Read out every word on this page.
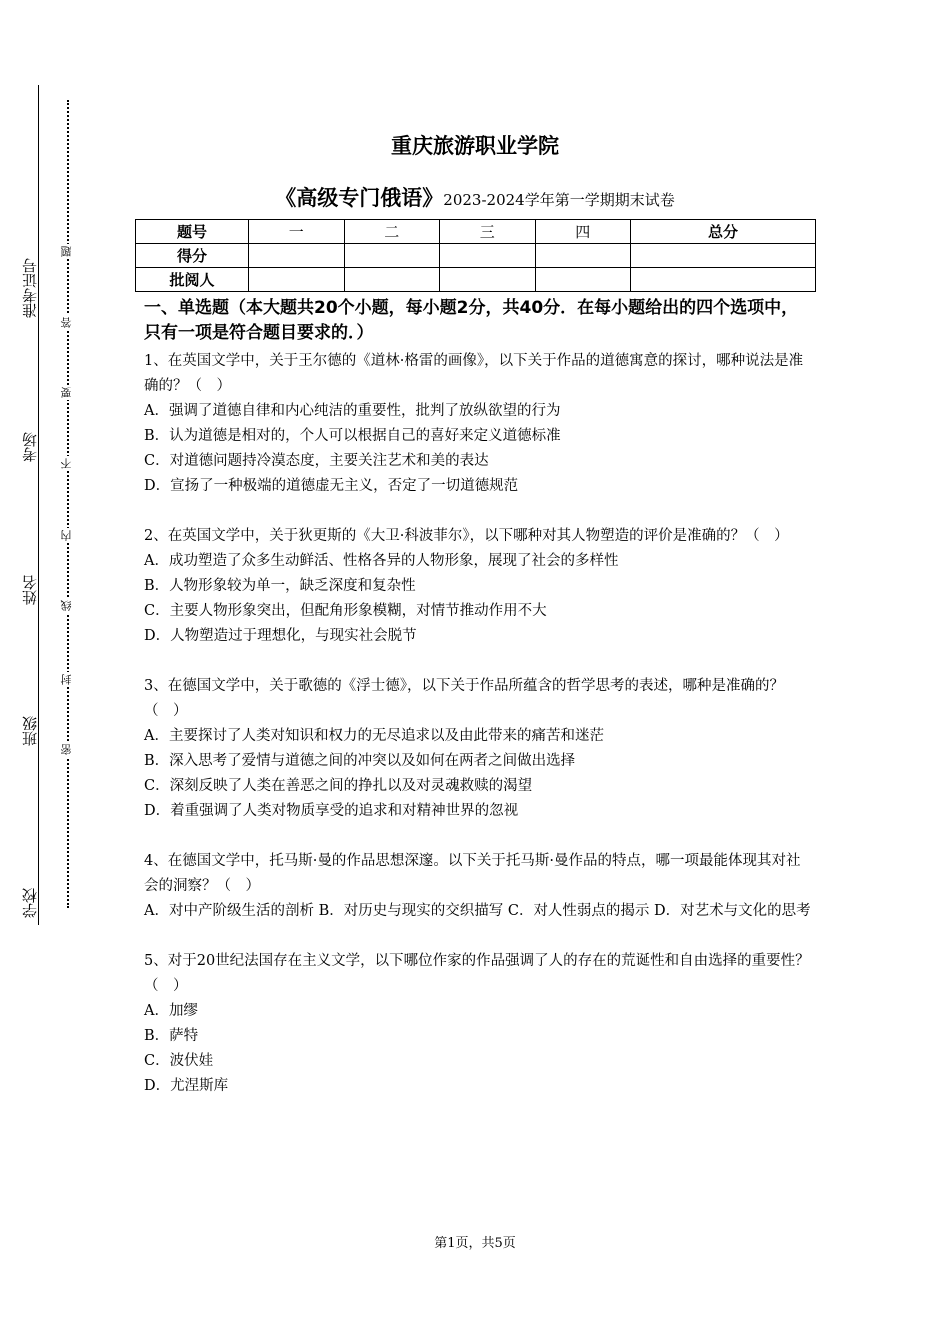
准考证号
考场
姓名
班级
学校
题
答
要
不
内
线
封
密
重庆旅游职业学院
《高级专门俄语》2023-2024学年第一学期期末试卷
题号	一	二	三	四	总分
得分					
批阅人					

一、单选题（本大题共20个小题，每小题2分，共40分．在每小题给出的四个选项中，只有一项是符合题目要求的．）

1、在英国文学中，关于王尔德的《道林·格雷的画像》，以下关于作品的道德寓意的探讨，哪种说法是准确的？（　）

A．强调了道德自律和内心纯洁的重要性，批判了放纵欲望的行为

B．认为道德是相对的，个人可以根据自己的喜好来定义道德标准

C．对道德问题持冷漠态度，主要关注艺术和美的表达

D．宣扬了一种极端的道德虚无主义，否定了一切道德规范

2、在英国文学中，关于狄更斯的《大卫·科波菲尔》，以下哪种对其人物塑造的评价是准确的？（　）

A．成功塑造了众多生动鲜活、性格各异的人物形象，展现了社会的多样性

B．人物形象较为单一，缺乏深度和复杂性

C．主要人物形象突出，但配角形象模糊，对情节推动作用不大

D．人物塑造过于理想化，与现实社会脱节

3、在德国文学中，关于歌德的《浮士德》，以下关于作品所蕴含的哲学思考的表述，哪种是准确的？（　）

A．主要探讨了人类对知识和权力的无尽追求以及由此带来的痛苦和迷茫

B．深入思考了爱情与道德之间的冲突以及如何在两者之间做出选择

C．深刻反映了人类在善恶之间的挣扎以及对灵魂救赎的渴望

D．着重强调了人类对物质享受的追求和对精神世界的忽视

4、在德国文学中，托马斯·曼的作品思想深邃。以下关于托马斯·曼作品的特点，哪一项最能体现其对社会的洞察？（　）

A．对中产阶级生活的剖析 B．对历史与现实的交织描写 C．对人性弱点的揭示 D．对艺术与文化的思考

5、对于20世纪法国存在主义文学，以下哪位作家的作品强调了人的存在的荒诞性和自由选择的重要性？（　）

A．加缪

B．萨特

C．波伏娃

D．尤涅斯库

第1页，共5页
